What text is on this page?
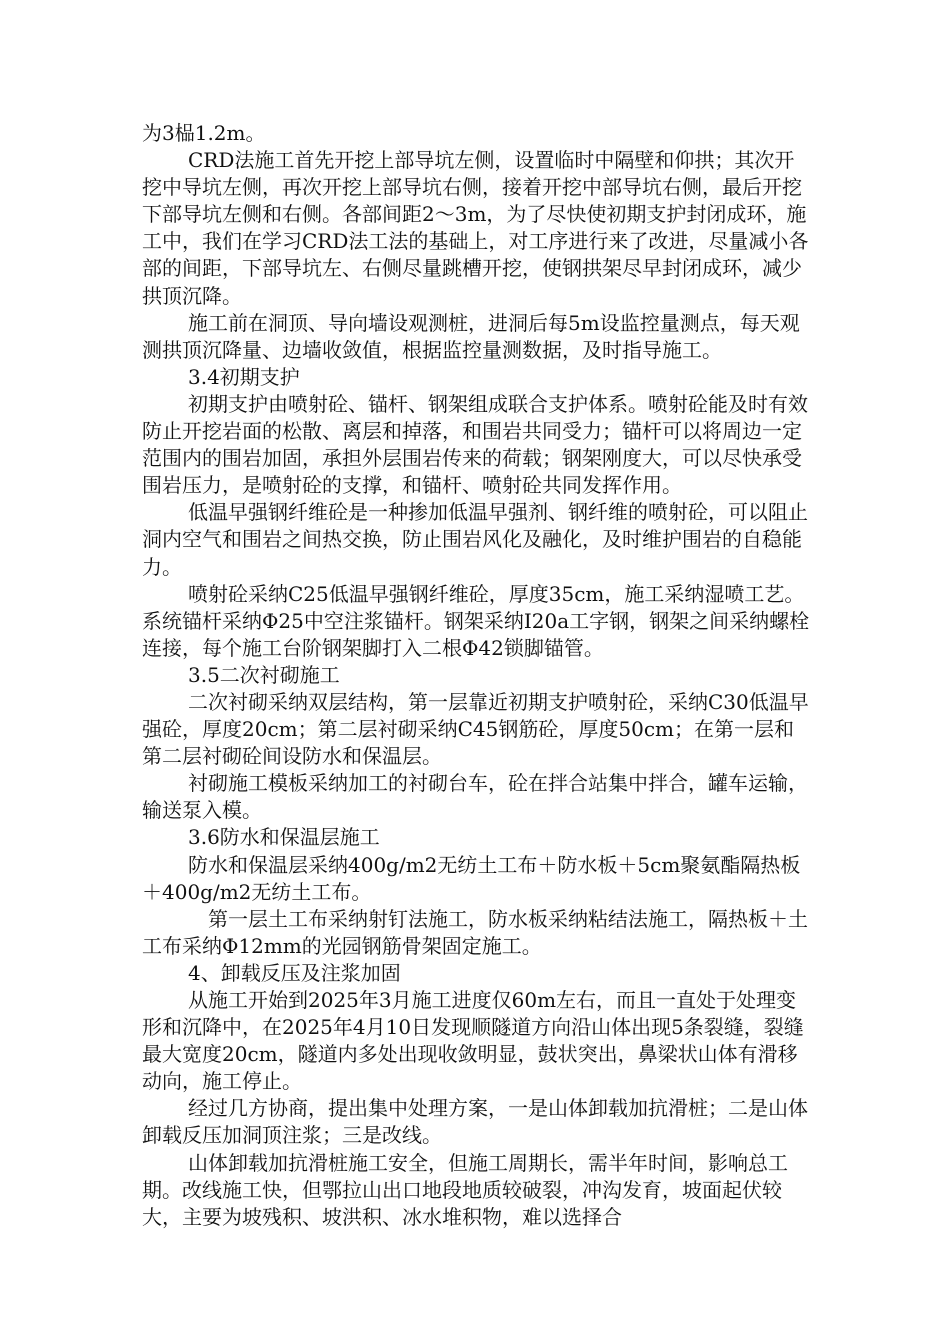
为3榀1.2m。

CRD法施工首先开挖上部导坑左侧，设置临时中隔壁和仰拱；其次开挖中导坑左侧，再次开挖上部导坑右侧，接着开挖中部导坑右侧，最后开挖下部导坑左侧和右侧。各部间距2～3m，为了尽快使初期支护封闭成环，施工中，我们在学习CRD法工法的基础上，对工序进行来了改进，尽量减小各部的间距，下部导坑左、右侧尽量跳槽开挖，使钢拱架尽早封闭成环，减少拱顶沉降。

施工前在洞顶、导向墙设观测桩，进洞后每5m设监控量测点，每天观测拱顶沉降量、边墙收敛值，根据监控量测数据，及时指导施工。

3.4初期支护

初期支护由喷射砼、锚杆、钢架组成联合支护体系。喷射砼能及时有效防止开挖岩面的松散、离层和掉落，和围岩共同受力；锚杆可以将周边一定范围内的围岩加固，承担外层围岩传来的荷载；钢架刚度大，可以尽快承受围岩压力，是喷射砼的支撑，和锚杆、喷射砼共同发挥作用。

低温早强钢纤维砼是一种掺加低温早强剂、钢纤维的喷射砼，可以阻止洞内空气和围岩之间热交换，防止围岩风化及融化，及时维护围岩的自稳能力。

喷射砼采纳C25低温早强钢纤维砼，厚度35cm，施工采纳湿喷工艺。系统锚杆采纳Φ25中空注浆锚杆。钢架采纳Ⅰ20a工字钢，钢架之间采纳螺栓连接，每个施工台阶钢架脚打入二根Φ42锁脚锚管。

3.5二次衬砌施工

二次衬砌采纳双层结构，第一层靠近初期支护喷射砼，采纳C30低温早强砼，厚度20cm；第二层衬砌采纳C45钢筋砼，厚度50cm；在第一层和第二层衬砌砼间设防水和保温层。

衬砌施工模板采纳加工的衬砌台车，砼在拌合站集中拌合，罐车运输，输送泵入模。

3.6防水和保温层施工

防水和保温层采纳400g/m2无纺土工布＋防水板＋5cm聚氨酯隔热板＋400g/m2无纺土工布。

第一层土工布采纳射钉法施工，防水板采纳粘结法施工，隔热板＋土工布采纳Φ12mm的光园钢筋骨架固定施工。

4、卸载反压及注浆加固

从施工开始到2025年3月施工进度仅60m左右，而且一直处于处理变形和沉降中，在2025年4月10日发现顺隧道方向沿山体出现5条裂缝，裂缝最大宽度20cm，隧道内多处出现收敛明显，鼓状突出，鼻梁状山体有滑移动向，施工停止。

经过几方协商，提出集中处理方案，一是山体卸载加抗滑桩；二是山体卸载反压加洞顶注浆；三是改线。

山体卸载加抗滑桩施工安全，但施工周期长，需半年时间，影响总工期。改线施工快，但鄂拉山出口地段地质较破裂，冲沟发育，坡面起伏较大，主要为坡残积、坡洪积、冰水堆积物，难以选择合
